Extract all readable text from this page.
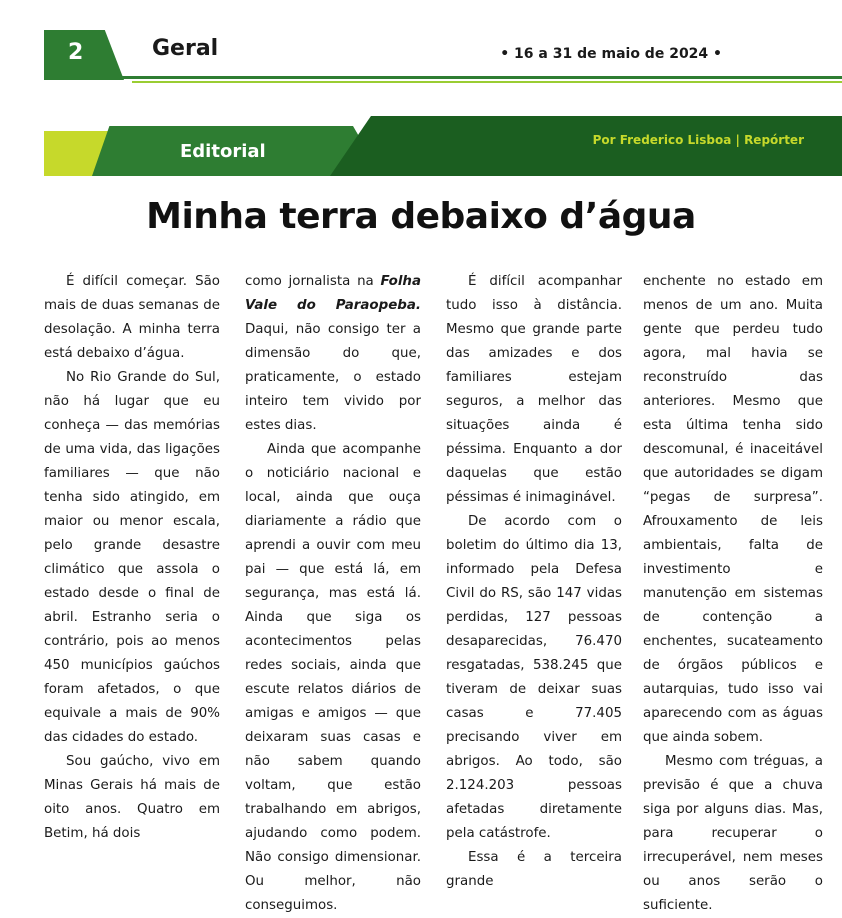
2	Geral	• 16 a 31 de maio de 2024 •
Editorial
Por Frederico Lisboa | Repórter
Minha terra debaixo d’água

É difícil começar. São mais de duas semanas de desolação. A minha terra está debaixo d’água.

No Rio Grande do Sul, não há lugar que eu conheça — das memórias de uma vida, das ligações familiares — que não tenha sido atingido, em maior ou menor escala, pelo grande desastre climático que assola o estado desde o final de abril. Estranho seria o contrário, pois ao menos 450 municípios gaúchos foram afetados, o que equivale a mais de 90% das cidades do estado.

Sou gaúcho, vivo em Minas Gerais há mais de oito anos. Quatro em Betim, há dois

como jornalista na Folha Vale do Paraopeba. Daqui, não consigo ter a dimensão do que, praticamente, o estado inteiro tem vivido por estes dias.

Ainda que acompanhe o noticiário nacional e local, ainda que ouça diariamente a rádio que aprendi a ouvir com meu pai — que está lá, em segurança, mas está lá. Ainda que siga os acontecimentos pelas redes sociais, ainda que escute relatos diários de amigas e amigos — que deixaram suas casas e não sabem quando voltam, que estão trabalhando em abrigos, ajudando como podem. Não consigo dimensionar. Ou melhor, não conseguimos.

É difícil acompanhar tudo isso à distância. Mesmo que grande parte das amizades e dos familiares estejam seguros, a melhor das situações ainda é péssima. Enquanto a dor daquelas que estão péssimas é inimaginável.

De acordo com o boletim do último dia 13, informado pela Defesa Civil do RS, são 147 vidas perdidas, 127 pessoas desaparecidas, 76.470 resgatadas, 538.245 que tiveram de deixar suas casas e 77.405 precisando viver em abrigos. Ao todo, são 2.124.203 pessoas afetadas diretamente pela catástrofe.

Essa é a terceira grande

enchente no estado em menos de um ano. Muita gente que perdeu tudo agora, mal havia se reconstruído das anteriores. Mesmo que esta última tenha sido descomunal, é inaceitável que autoridades se digam “pegas de surpresa”. Afrouxamento de leis ambientais, falta de investimento e manutenção em sistemas de contenção a enchentes, sucateamento de órgãos públicos e autarquias, tudo isso vai aparecendo com as águas que ainda sobem.

Mesmo com tréguas, a previsão é que a chuva siga por alguns dias. Mas, para recuperar o irrecuperável, nem meses ou anos serão o suficiente.
